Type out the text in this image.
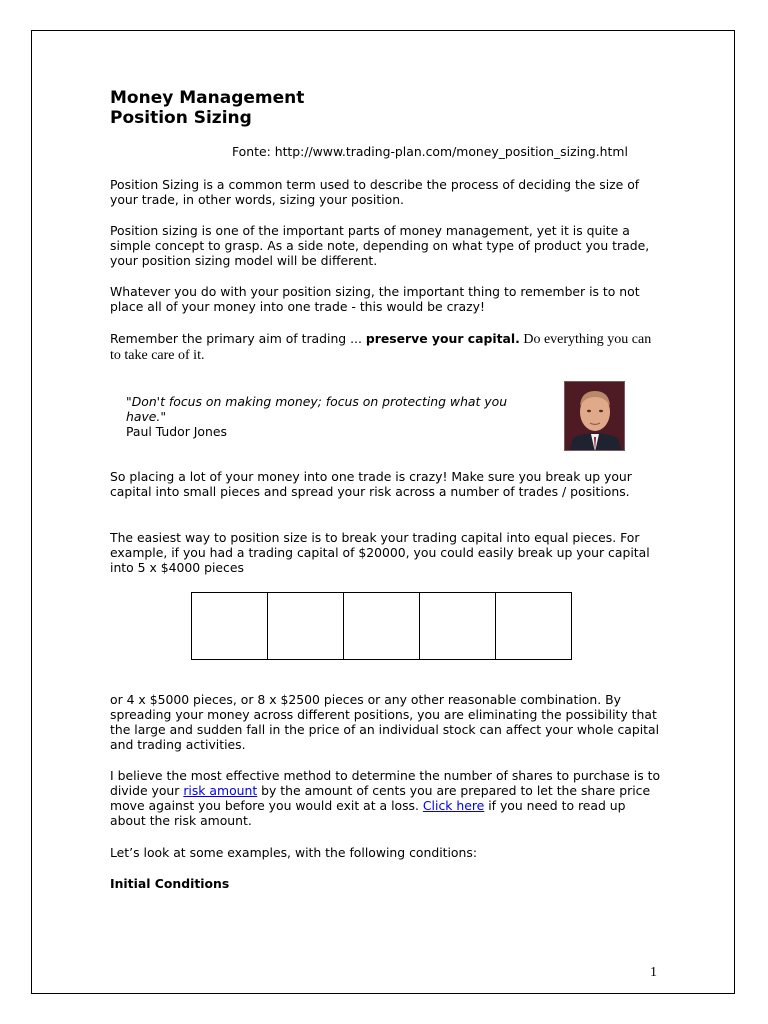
Money Management
Position Sizing
Fonte: http://www.trading-plan.com/money_position_sizing.html

Position Sizing is a common term used to describe the process of deciding the size of your trade, in other words, sizing your position.

Position sizing is one of the important parts of money management, yet it is quite a simple concept to grasp. As a side note, depending on what type of product you trade, your position sizing model will be different.

Whatever you do with your position sizing, the important thing to remember is to not place all of your money into one trade - this would be crazy!

Remember the primary aim of trading ... preserve your capital. Do everything you can to take care of it.

"Don't focus on making money; focus on protecting what you have."
Paul Tudor Jones

So placing a lot of your money into one trade is crazy! Make sure you break up your capital into small pieces and spread your risk across a number of trades / positions.

The easiest way to position size is to break your trading capital into equal pieces. For example, if you had a trading capital of $20000, you could easily break up your capital into 5 x $4000 pieces

or 4 x $5000 pieces, or 8 x $2500 pieces or any other reasonable combination. By spreading your money across different positions, you are eliminating the possibility that the large and sudden fall in the price of an individual stock can affect your whole capital and trading activities.

I believe the most effective method to determine the number of shares to purchase is to divide your risk amount by the amount of cents you are prepared to let the share price move against you before you would exit at a loss. Click here if you need to read up about the risk amount.

Let’s look at some examples, with the following conditions:

Initial Conditions
1
